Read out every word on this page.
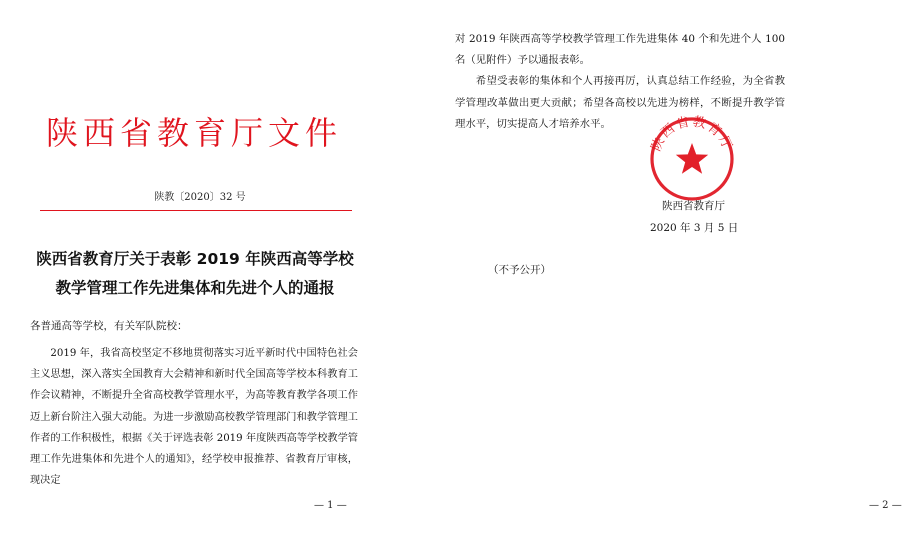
陕西省教育厅文件
陕教〔2020〕32 号
陕西省教育厅关于表彰 2019 年陕西高等学校
教学管理工作先进集体和先进个人的通报
各普通高等学校，有关军队院校：

2019 年，我省高校坚定不移地贯彻落实习近平新时代中国特色社会主义思想，深入落实全国教育大会精神和新时代全国高等学校本科教育工作会议精神，不断提升全省高校教学管理水平，为高等教育教学各项工作迈上新台阶注入强大动能。为进一步激励高校教学管理部门和教学管理工作者的工作积极性，根据《关于评选表彰 2019 年度陕西高等学校教学管理工作先进集体和先进个人的通知》，经学校申报推荐、省教育厅审核，现决定

— 1 —	— 2 —

对 2019 年陕西高等学校教学管理工作先进集体 40 个和先进个人 100 名（见附件）予以通报表彰。

希望受表彰的集体和个人再接再厉，认真总结工作经验，为全省教学管理改革做出更大贡献；希望各高校以先进为榜样，不断提升教学管理水平，切实提高人才培养水平。

陕西省教育厅
陕西省教育厅
2020 年 3 月 5 日
（不予公开）
